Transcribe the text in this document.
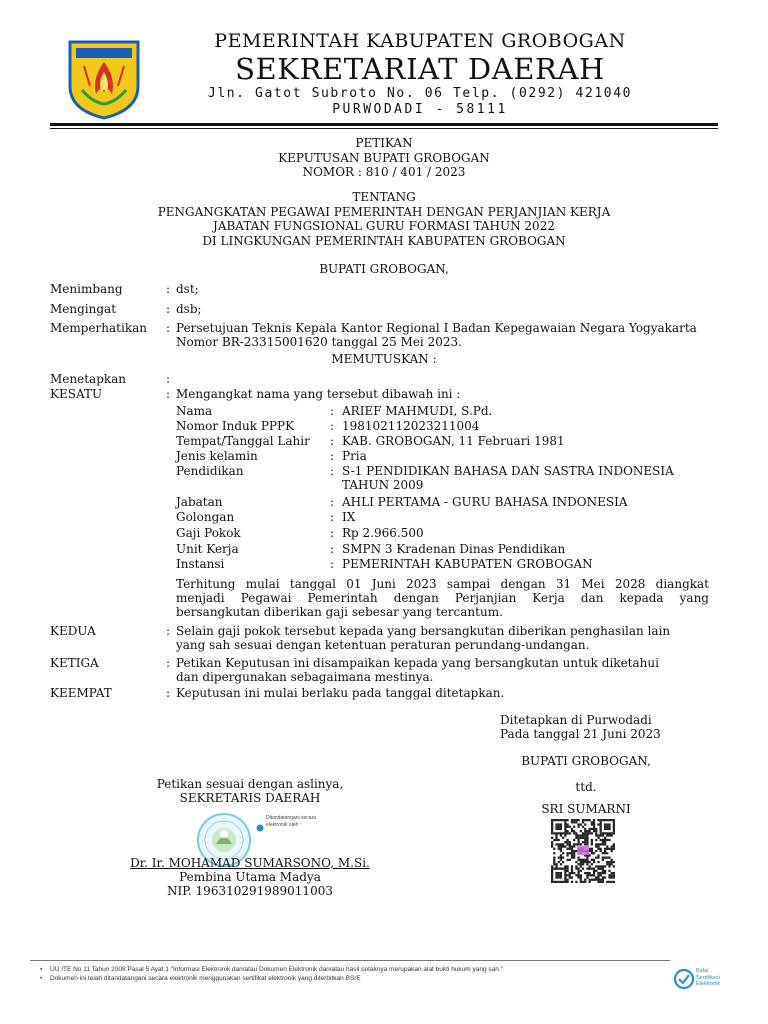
PEMERINTAH KABUPATEN GROBOGAN
SEKRETARIAT DAERAH
Jln. Gatot Subroto No. 06 Telp. (0292) 421040
PURWODADI - 58111
PETIKAN
KEPUTUSAN BUPATI GROBOGAN
NOMOR : 810 / 401 / 2023
TENTANG
PENGANGKATAN PEGAWAI PEMERINTAH DENGAN PERJANJIAN KERJA
JABATAN FUNGSIONAL GURU FORMASI TAHUN 2022
DI LINGKUNGAN PEMERINTAH KABUPATEN GROBOGAN
BUPATI GROBOGAN,
Menimbang	: dst;
Mengingat	: dsb;
Memperhatikan : Persetujuan Teknis Kepala Kantor Regional I Badan Kepegawaian Negara Yogyakarta
Nomor BR-23315001620 tanggal 25 Mei 2023.
MEMUTUSKAN :
Menetapkan	:
KESATU	: Mengangkat nama yang tersebut dibawah ini :
Nama	: ARIEF MAHMUDI, S.Pd.
Nomor Induk PPPK	: 198102112023211004
Tempat/Tanggal Lahir : KAB. GROBOGAN, 11 Februari 1981
Jenis kelamin	: Pria
Pendidikan	: S-1 PENDIDIKAN BAHASA DAN SASTRA INDONESIA
TAHUN 2009
Jabatan	: AHLI PERTAMA - GURU BAHASA INDONESIA
Golongan	: IX
Gaji Pokok	: Rp 2.966.500
Unit Kerja	: SMPN 3 Kradenan Dinas Pendidikan
Instansi	: PEMERINTAH KABUPATEN GROBOGAN
Terhitung mulai tanggal 01 Juni 2023 sampai dengan 31 Mei 2028 diangkat
menjadi Pegawai Pemerintah dengan Perjanjian Kerja dan kepada yang
bersangkutan diberikan gaji sebesar yang tercantum.
KEDUA	: Selain gaji pokok tersebut kepada yang bersangkutan diberikan penghasilan lain
yang sah sesuai dengan ketentuan peraturan perundang-undangan.
KETIGA	: Petikan Keputusan ini disampaikan kepada yang bersangkutan untuk diketahui
dan dipergunakan sebagaimana mestinya.
KEEMPAT	: Keputusan ini mulai berlaku pada tanggal ditetapkan.
Ditetapkan di Purwodadi
Pada tanggal 21 Juni 2023
BUPATI GROBOGAN,
ttd.
SRI SUMARNI
Petikan sesuai dengan aslinya,
SEKRETARIS DAERAH
Ditandatangani secara elektronik oleh :
Dr. Ir. MOHAMAD SUMARSONO, M.Si.
Pembina Utama Madya
NIP. 196310291989011003
• UU ITE No 11 Tahun 2008 Pasal 5 Ayat 1 "Informasi Elektronik dan/atau Dokumen Elektronik dan/atau hasil cetaknya merupakan alat bukti hukum yang sah."
• Dokumen ini telah ditandatangani secara elektronik menggunakan sertifikat elektronik yang diterbitkan BSrE
Balai
Sertifikasi
Elektronik
